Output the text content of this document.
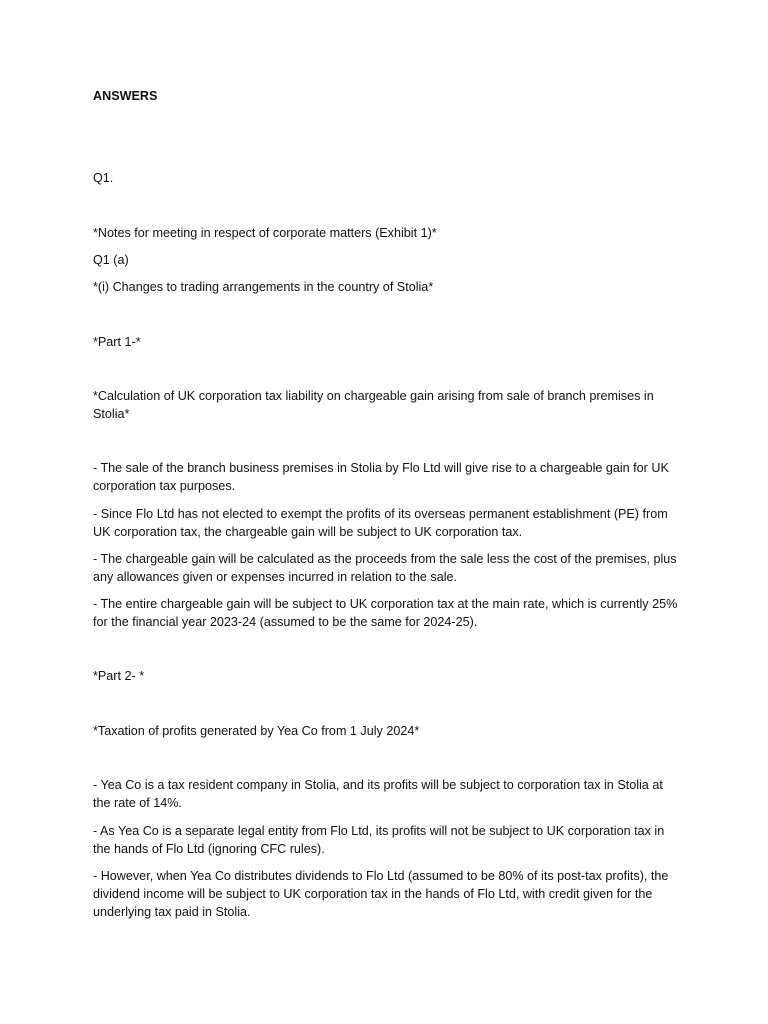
ANSWERS

Q1.

*Notes for meeting in respect of corporate matters (Exhibit 1)*

Q1 (a)

*(i) Changes to trading arrangements in the country of Stolia*

*Part 1-*

*Calculation of UK corporation tax liability on chargeable gain arising from sale of branch premises in Stolia*

- The sale of the branch business premises in Stolia by Flo Ltd will give rise to a chargeable gain for UK corporation tax purposes.

- Since Flo Ltd has not elected to exempt the profits of its overseas permanent establishment (PE) from UK corporation tax, the chargeable gain will be subject to UK corporation tax.

- The chargeable gain will be calculated as the proceeds from the sale less the cost of the premises, plus any allowances given or expenses incurred in relation to the sale.

- The entire chargeable gain will be subject to UK corporation tax at the main rate, which is currently 25% for the financial year 2023-24 (assumed to be the same for 2024-25).

*Part 2- *

*Taxation of profits generated by Yea Co from 1 July 2024*

- Yea Co is a tax resident company in Stolia, and its profits will be subject to corporation tax in Stolia at the rate of 14%.

- As Yea Co is a separate legal entity from Flo Ltd, its profits will not be subject to UK corporation tax in the hands of Flo Ltd (ignoring CFC rules).

- However, when Yea Co distributes dividends to Flo Ltd (assumed to be 80% of its post-tax profits), the dividend income will be subject to UK corporation tax in the hands of Flo Ltd, with credit given for the underlying tax paid in Stolia.
